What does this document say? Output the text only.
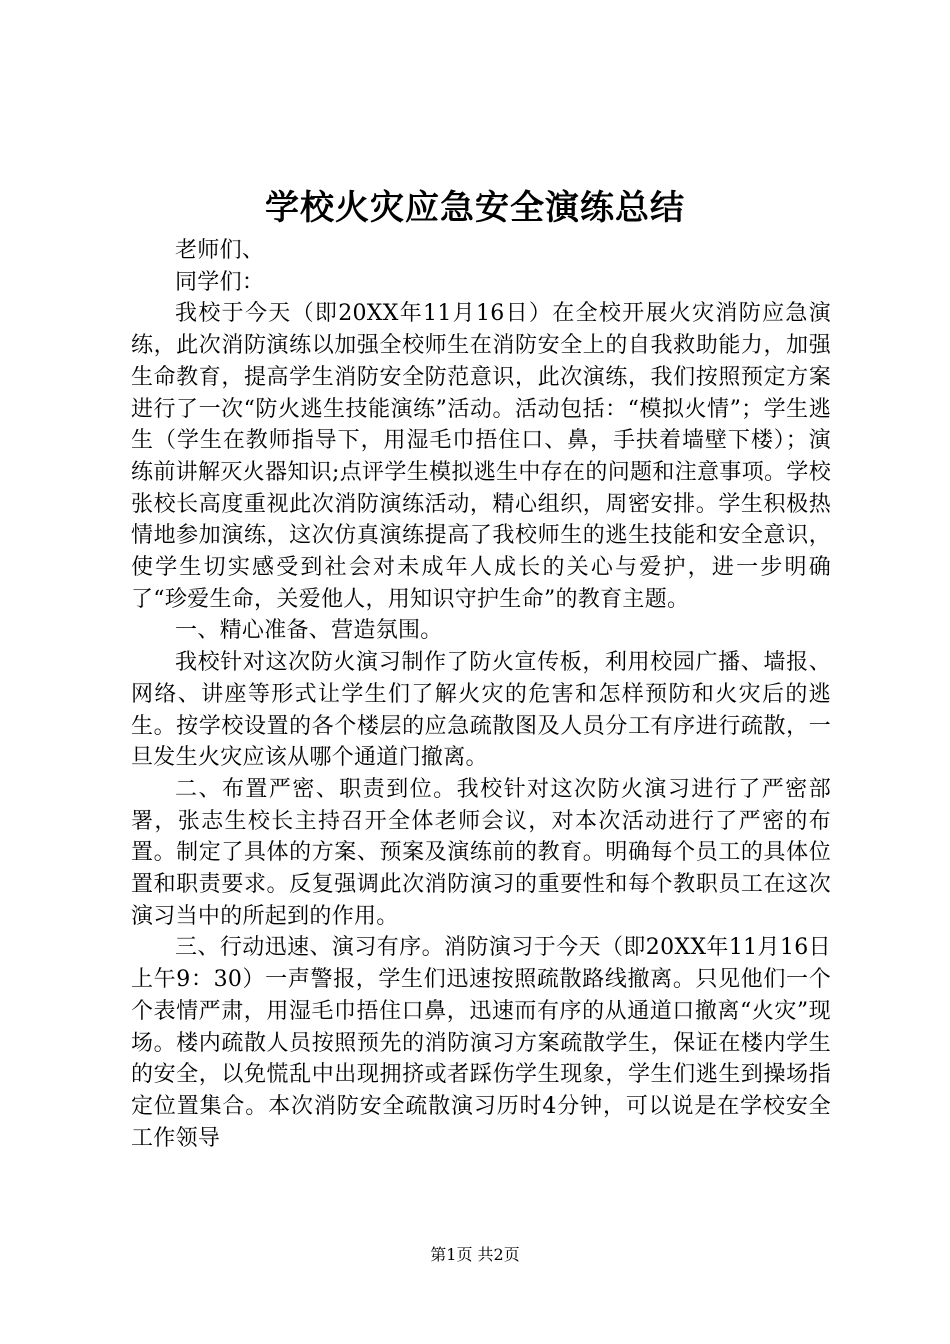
学校火灾应急安全演练总结

老师们、

同学们：

我校于今天（即20XX年11月16日）在全校开展火灾消防应急演练，此次消防演练以加强全校师生在消防安全上的自我救助能力，加强生命教育，提高学生消防安全防范意识，此次演练，我们按照预定方案进行了一次“防火逃生技能演练”活动。活动包括：“模拟火情”；学生逃生（学生在教师指导下，用湿毛巾捂住口、鼻，手扶着墙壁下楼）；演练前讲解灭火器知识;点评学生模拟逃生中存在的问题和注意事项。学校张校长高度重视此次消防演练活动，精心组织，周密安排。学生积极热情地参加演练，这次仿真演练提高了我校师生的逃生技能和安全意识，使学生切实感受到社会对未成年人成长的关心与爱护，进一步明确了“珍爱生命，关爱他人，用知识守护生命”的教育主题。

一、精心准备、营造氛围。

我校针对这次防火演习制作了防火宣传板，利用校园广播、墙报、网络、讲座等形式让学生们了解火灾的危害和怎样预防和火灾后的逃生。按学校设置的各个楼层的应急疏散图及人员分工有序进行疏散，一旦发生火灾应该从哪个通道门撤离。

二、布置严密、职责到位。我校针对这次防火演习进行了严密部署，张志生校长主持召开全体老师会议，对本次活动进行了严密的布置。制定了具体的方案、预案及演练前的教育。明确每个员工的具体位置和职责要求。反复强调此次消防演习的重要性和每个教职员工在这次演习当中的所起到的作用。

三、行动迅速、演习有序。消防演习于今天（即20XX年11月16日上午9：30）一声警报，学生们迅速按照疏散路线撤离。只见他们一个个表情严肃，用湿毛巾捂住口鼻，迅速而有序的从通道口撤离“火灾”现场。楼内疏散人员按照预先的消防演习方案疏散学生，保证在楼内学生的安全，以免慌乱中出现拥挤或者踩伤学生现象，学生们逃生到操场指定位置集合。本次消防安全疏散演习历时4分钟，可以说是在学校安全工作领导

第1页 共2页
